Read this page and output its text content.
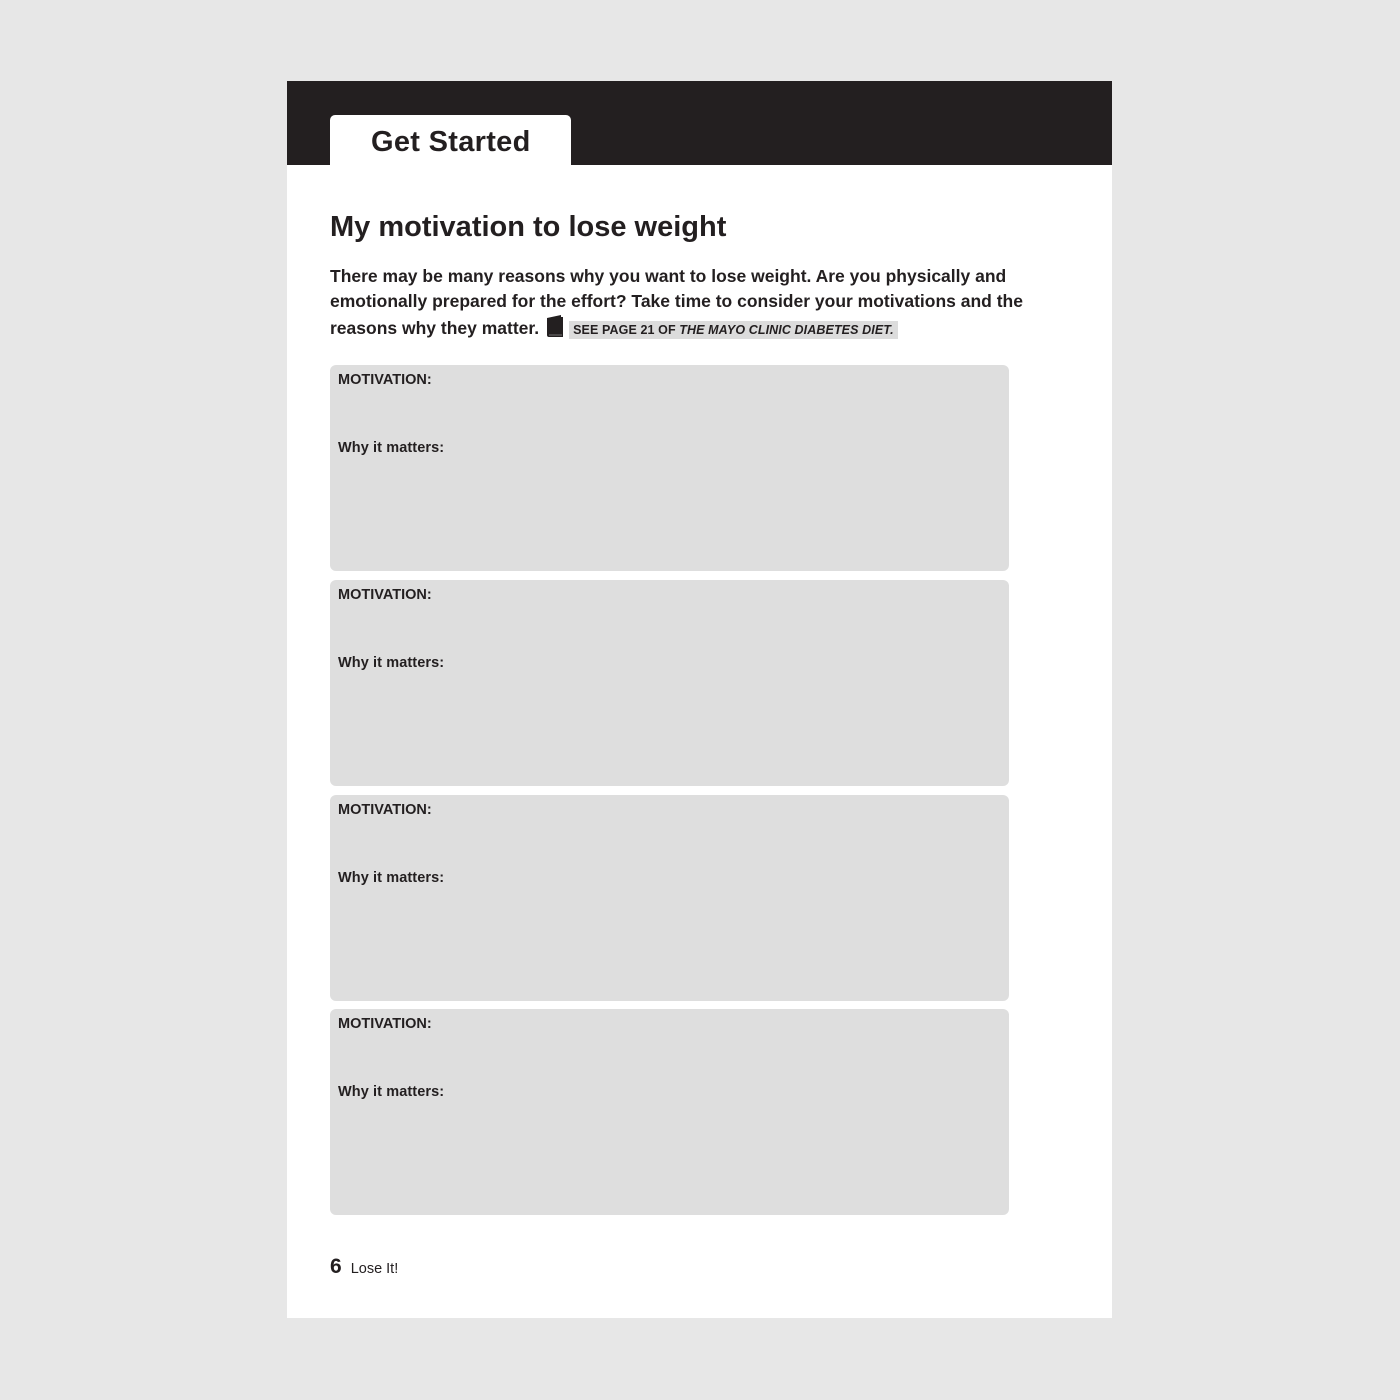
Get Started
My motivation to lose weight

There may be many reasons why you want to lose weight. Are you physically and emotionally prepared for the effort? Take time to consider your motivations and the reasons why they matter.	SEE PAGE 21 OF THE MAYO CLINIC DIABETES DIET.

MOTIVATION:
Why it matters:
MOTIVATION:
Why it matters:
MOTIVATION:
Why it matters:
MOTIVATION:
Why it matters:
6 Lose It!
